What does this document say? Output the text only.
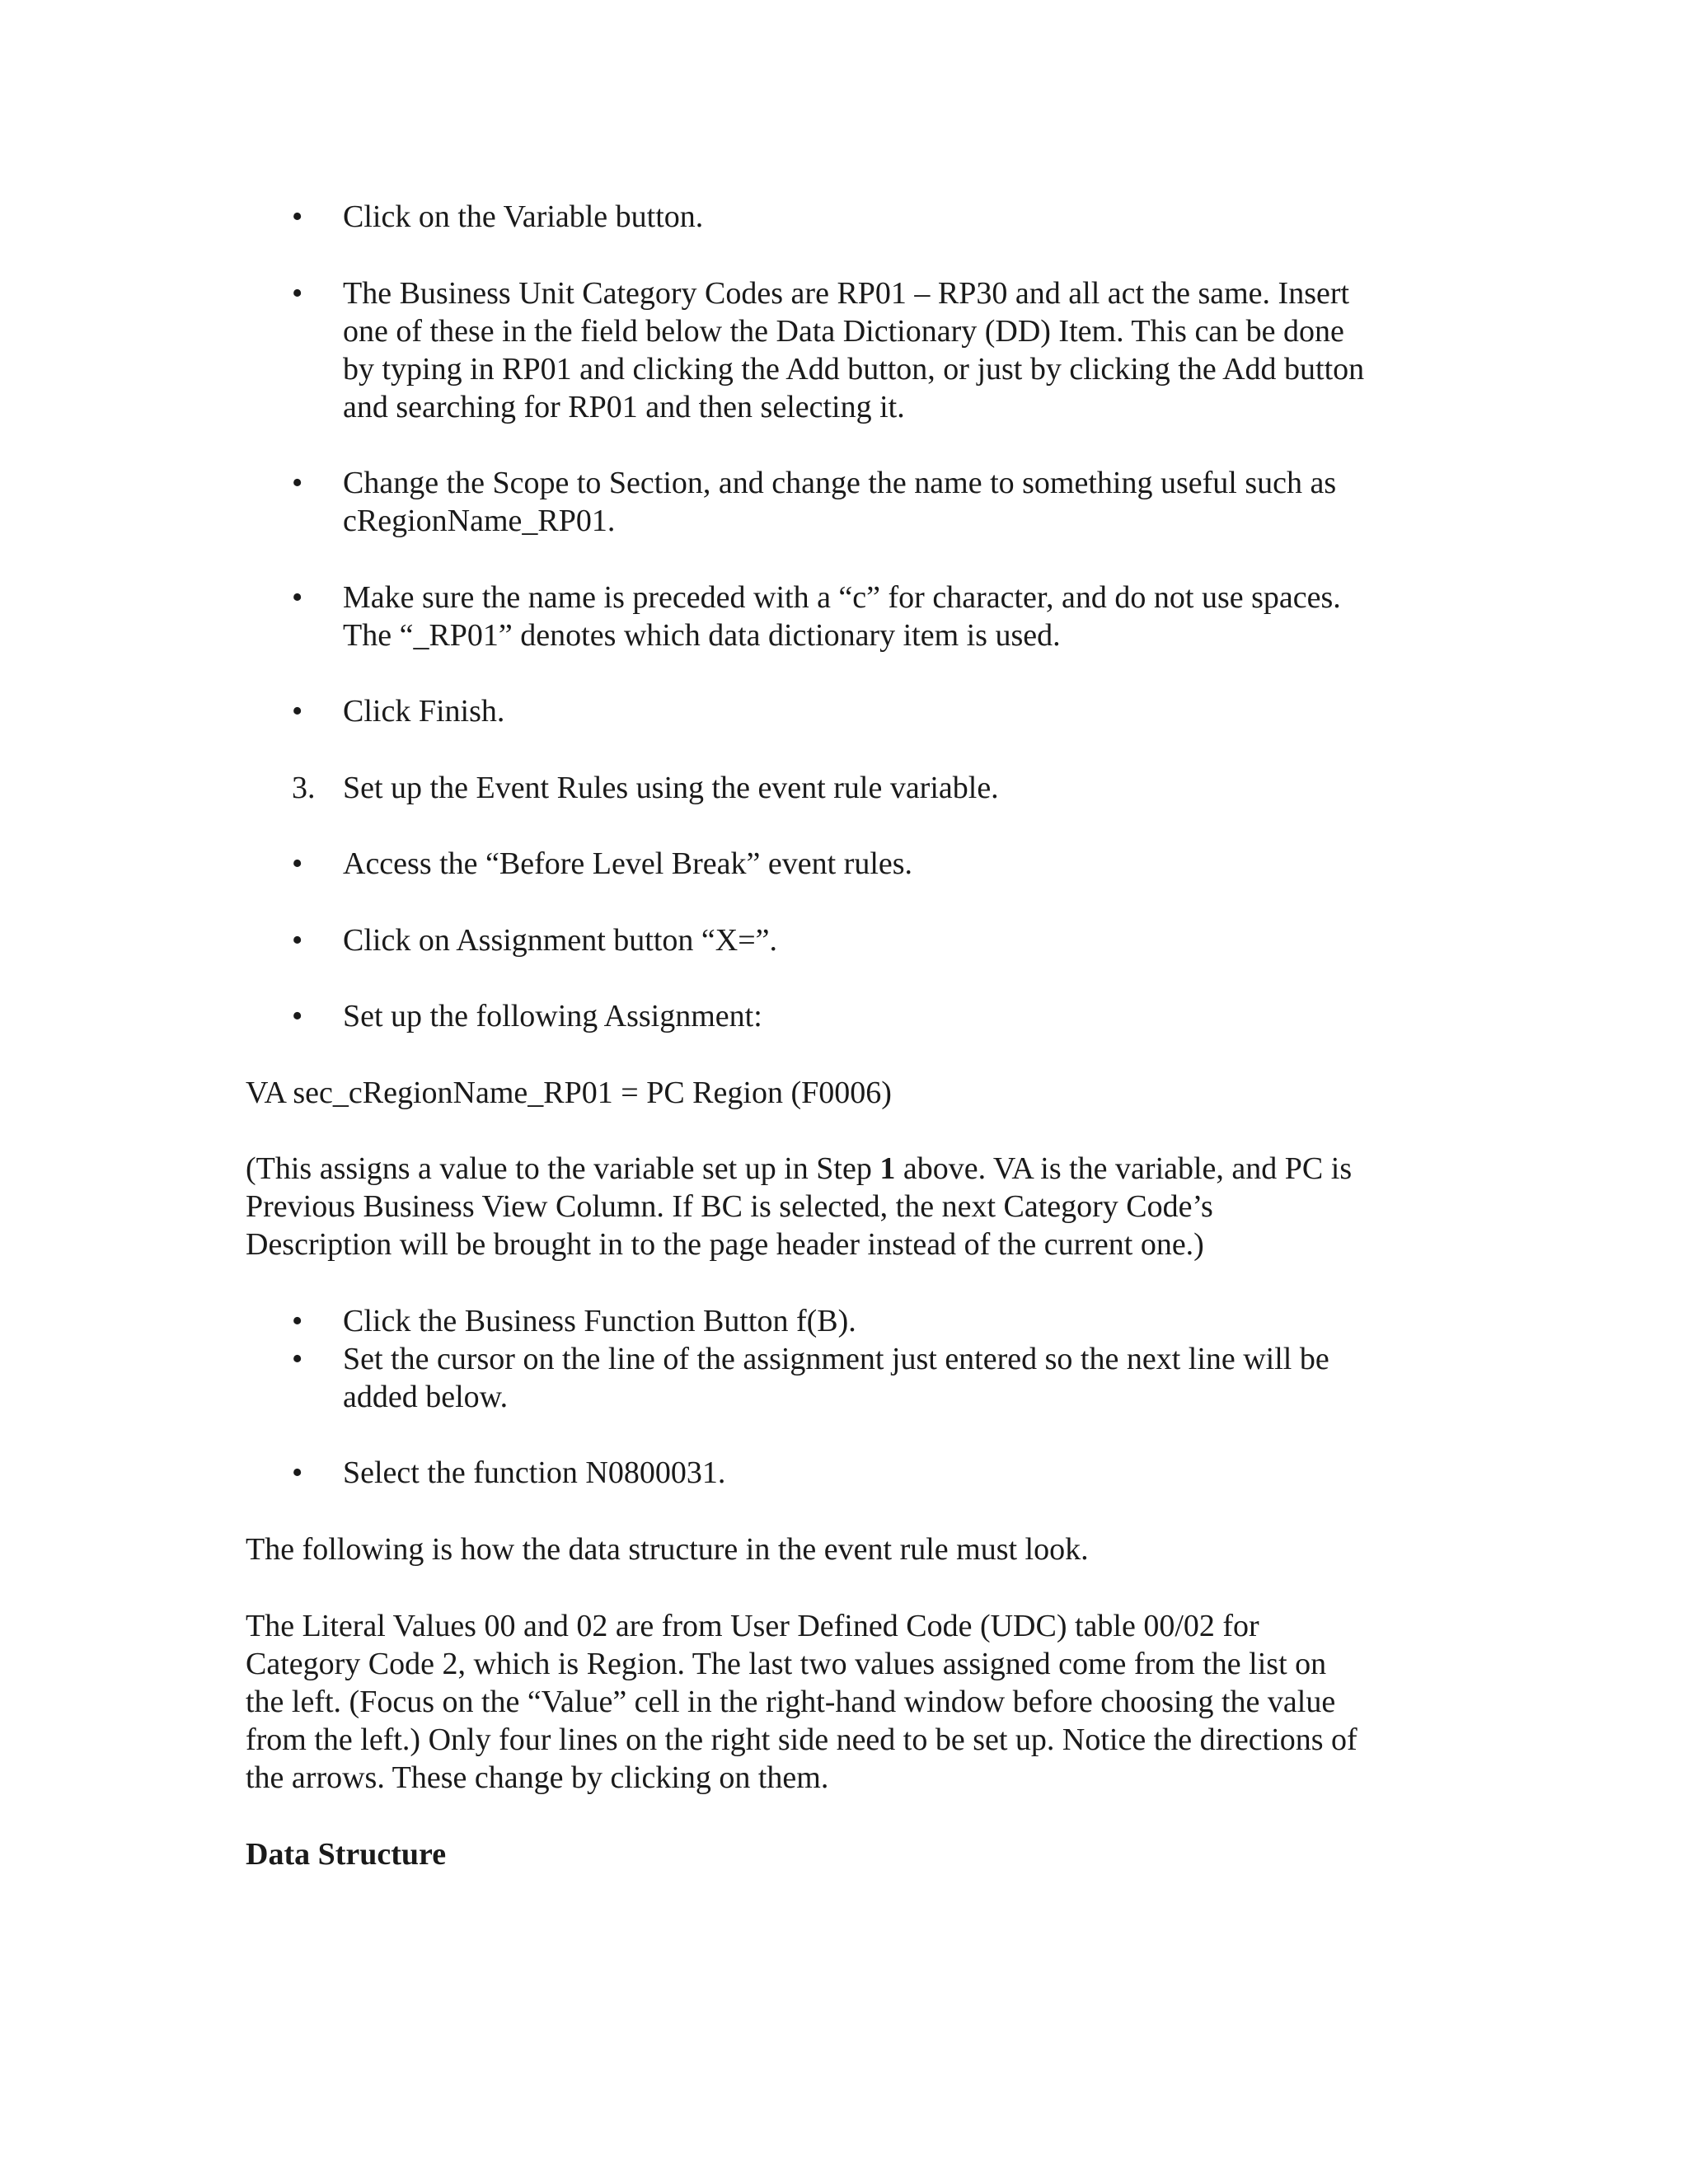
• Click on the Variable button.
• The Business Unit Category Codes are RP01 – RP30 and all act the same. Insert
one of these in the field below the Data Dictionary (DD) Item. This can be done
by typing in RP01 and clicking the Add button, or just by clicking the Add button
and searching for RP01 and then selecting it.
• Change the Scope to Section, and change the name to something useful such as
cRegionName_RP01.
• Make sure the name is preceded with a “c” for character, and do not use spaces.
The “_RP01” denotes which data dictionary item is used.
• Click Finish.
3. Set up the Event Rules using the event rule variable.
• Access the “Before Level Break” event rules.
• Click on Assignment button “X=”.
• Set up the following Assignment:
VA sec_cRegionName_RP01 = PC Region (F0006)
(This assigns a value to the variable set up in Step 1 above. VA is the variable, and PC is
Previous Business View Column. If BC is selected, the next Category Code’s
Description will be brought in to the page header instead of the current one.)
• Click the Business Function Button f(B).
• Set the cursor on the line of the assignment just entered so the next line will be
added below.
• Select the function N0800031.
The following is how the data structure in the event rule must look.
The Literal Values 00 and 02 are from User Defined Code (UDC) table 00/02 for
Category Code 2, which is Region. The last two values assigned come from the list on
the left. (Focus on the “Value” cell in the right-hand window before choosing the value
from the left.) Only four lines on the right side need to be set up. Notice the directions of
the arrows. These change by clicking on them.
Data Structure
